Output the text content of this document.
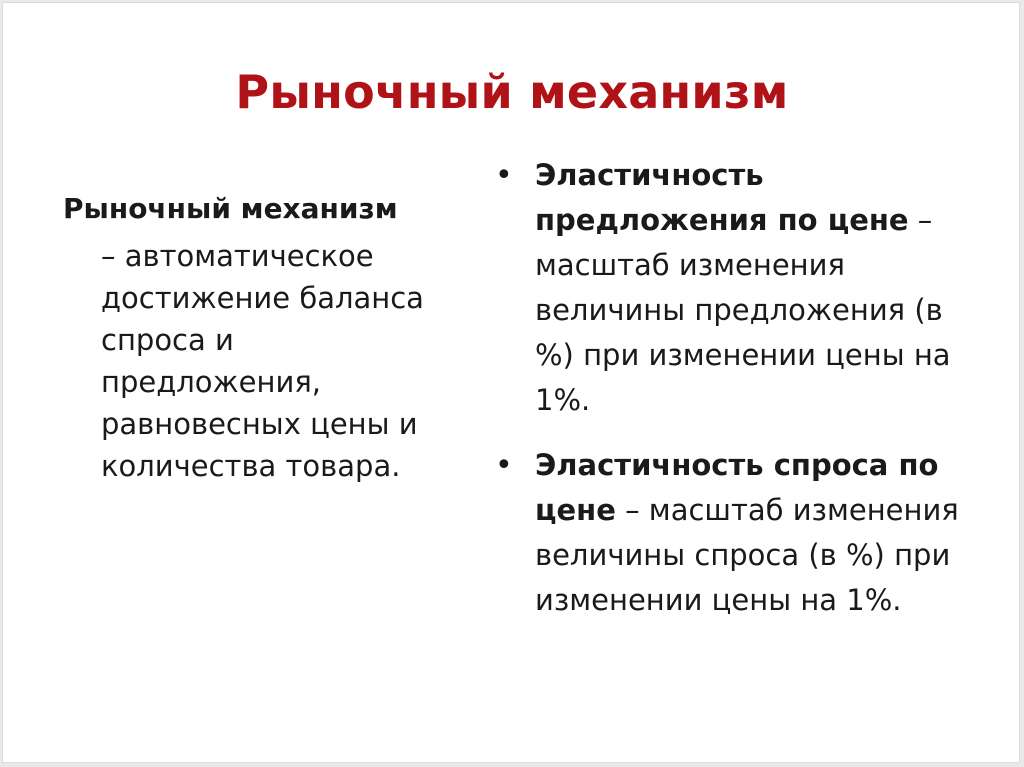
Рыночный механизм

Рыночный механизм

– автоматическое достижение баланса спроса и предложения, равновесных цены и количества товара.

• Эластичность предложения по цене – масштаб изменения величины предложения (в %) при изменении цены на 1%.
• Эластичность спроса по цене – масштаб изменения величины спроса (в %) при изменении цены на 1%.
